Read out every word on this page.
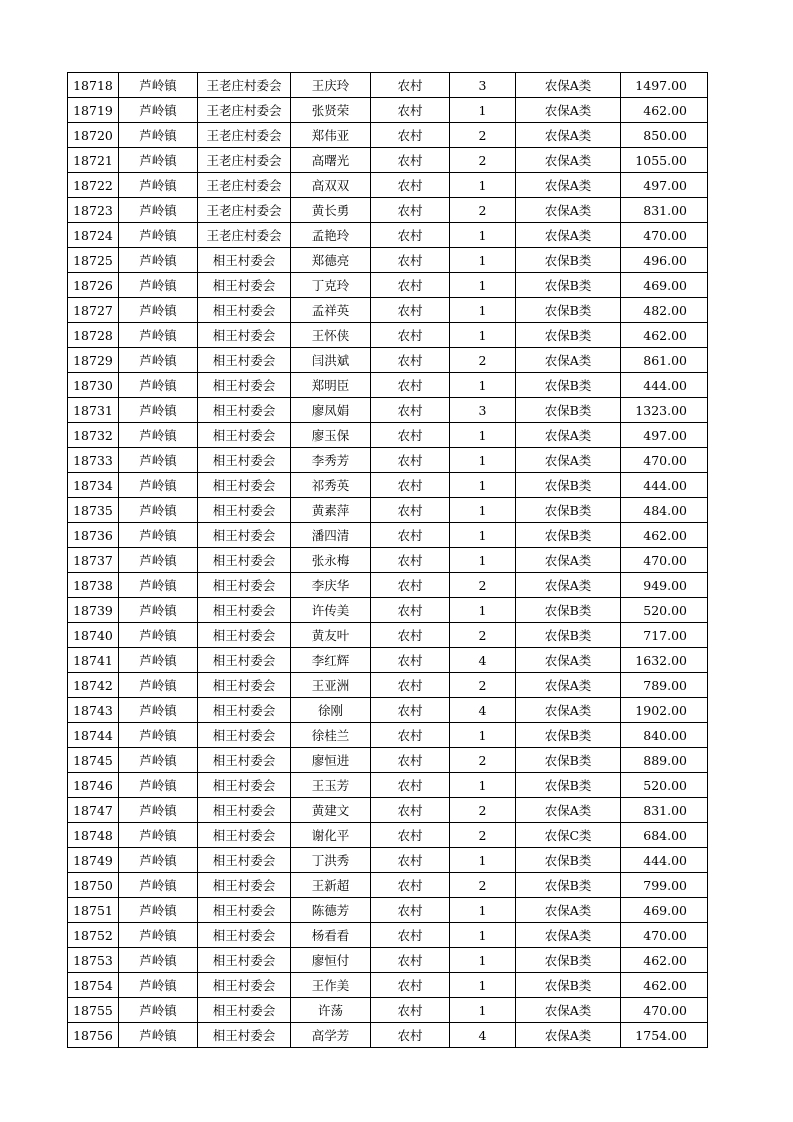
18718	芦岭镇	王老庄村委会	王庆玲	农村	3	农保A类	1497.00
18719	芦岭镇	王老庄村委会	张贤荣	农村	1	农保A类	462.00
18720	芦岭镇	王老庄村委会	郑伟亚	农村	2	农保A类	850.00
18721	芦岭镇	王老庄村委会	高曙光	农村	2	农保A类	1055.00
18722	芦岭镇	王老庄村委会	高双双	农村	1	农保A类	497.00
18723	芦岭镇	王老庄村委会	黄长勇	农村	2	农保A类	831.00
18724	芦岭镇	王老庄村委会	孟艳玲	农村	1	农保A类	470.00
18725	芦岭镇	相王村委会	郑德亮	农村	1	农保B类	496.00
18726	芦岭镇	相王村委会	丁克玲	农村	1	农保B类	469.00
18727	芦岭镇	相王村委会	孟祥英	农村	1	农保B类	482.00
18728	芦岭镇	相王村委会	王怀侠	农村	1	农保B类	462.00
18729	芦岭镇	相王村委会	闫洪斌	农村	2	农保A类	861.00
18730	芦岭镇	相王村委会	郑明臣	农村	1	农保B类	444.00
18731	芦岭镇	相王村委会	廖凤娟	农村	3	农保B类	1323.00
18732	芦岭镇	相王村委会	廖玉保	农村	1	农保A类	497.00
18733	芦岭镇	相王村委会	李秀芳	农村	1	农保A类	470.00
18734	芦岭镇	相王村委会	祁秀英	农村	1	农保B类	444.00
18735	芦岭镇	相王村委会	黄素萍	农村	1	农保B类	484.00
18736	芦岭镇	相王村委会	潘四清	农村	1	农保B类	462.00
18737	芦岭镇	相王村委会	张永梅	农村	1	农保A类	470.00
18738	芦岭镇	相王村委会	李庆华	农村	2	农保A类	949.00
18739	芦岭镇	相王村委会	许传美	农村	1	农保B类	520.00
18740	芦岭镇	相王村委会	黄友叶	农村	2	农保B类	717.00
18741	芦岭镇	相王村委会	李红辉	农村	4	农保A类	1632.00
18742	芦岭镇	相王村委会	王亚洲	农村	2	农保A类	789.00
18743	芦岭镇	相王村委会	徐刚	农村	4	农保A类	1902.00
18744	芦岭镇	相王村委会	徐桂兰	农村	1	农保B类	840.00
18745	芦岭镇	相王村委会	廖恒进	农村	2	农保B类	889.00
18746	芦岭镇	相王村委会	王玉芳	农村	1	农保B类	520.00
18747	芦岭镇	相王村委会	黄建文	农村	2	农保A类	831.00
18748	芦岭镇	相王村委会	谢化平	农村	2	农保C类	684.00
18749	芦岭镇	相王村委会	丁洪秀	农村	1	农保B类	444.00
18750	芦岭镇	相王村委会	王新超	农村	2	农保B类	799.00
18751	芦岭镇	相王村委会	陈德芳	农村	1	农保A类	469.00
18752	芦岭镇	相王村委会	杨看看	农村	1	农保A类	470.00
18753	芦岭镇	相王村委会	廖恒付	农村	1	农保B类	462.00
18754	芦岭镇	相王村委会	王作美	农村	1	农保B类	462.00
18755	芦岭镇	相王村委会	许荡	农村	1	农保A类	470.00
18756	芦岭镇	相王村委会	高学芳	农村	4	农保A类	1754.00
